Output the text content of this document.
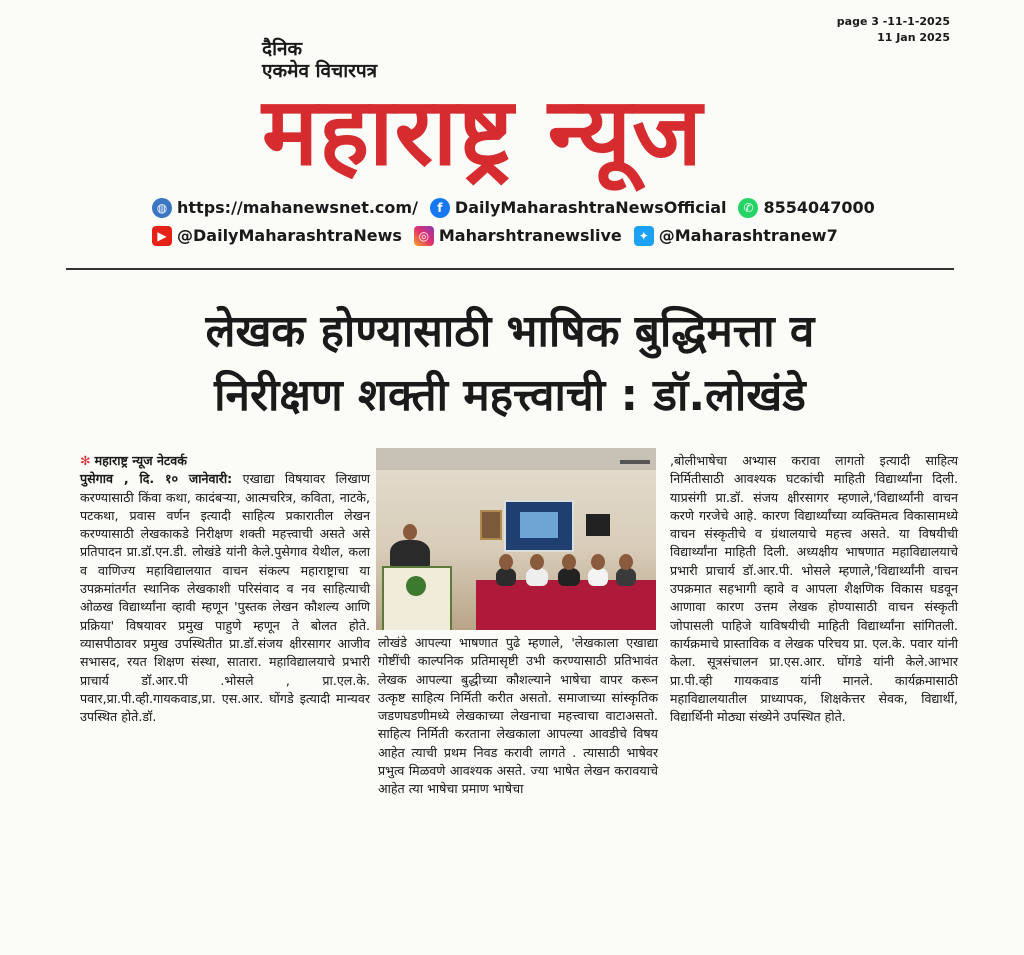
page 3 -11-1-2025
11 Jan 2025
दैनिक
एकमेव विचारपत्र
महाराष्ट्र न्यूज
◍ https://mahanewsnet.com/	f DailyMaharashtraNewsOfficial	✆ 8554047000
▶ @DailyMaharashtraNews	◎ Maharshtranewslive	✦ @Maharashtranew7
लेखक होण्यासाठी भाषिक बुद्धिमत्ता व
निरीक्षण शक्ती महत्त्वाची : डॉ.लोखंडे
✻ महाराष्ट्र न्यूज नेटवर्क

पुसेगाव , दि. १० जानेवारी: एखाद्या विषयावर लिखाण करण्यासाठी किंवा कथा, कादंबऱ्या, आत्मचरित्र, कविता, नाटके, पटकथा, प्रवास वर्णन इत्यादी साहित्य प्रकारातील लेखन करण्यासाठी लेखकाकडे निरीक्षण शक्ती महत्त्वाची असते असे प्रतिपादन प्रा.डॉ.एन.डी. लोखंडे यांनी केले.पुसेगाव येथील, कला व वाणिज्य महाविद्यालयात वाचन संकल्प महाराष्ट्राचा या उपक्रमांतर्गत स्थानिक लेखकाशी परिसंवाद व नव साहित्याची ओळख विद्यार्थ्यांना व्हावी म्हणून 'पुस्तक लेखन कौशल्य आणि प्रक्रिया' विषयावर प्रमुख पाहुणे म्हणून ते बोलत होते. व्यासपीठावर प्रमुख उपस्थितीत प्रा.डॉ.संजय क्षीरसागर आजीव सभासद, रयत शिक्षण संस्था, सातारा. महाविद्यालयाचे प्रभारी प्राचार्य डॉ.आर.पी .भोसले , प्रा.एल.के. पवार,प्रा.पी.व्ही.गायकवाड,प्रा. एस.आर. घोंगडे इत्यादी मान्यवर उपस्थित होते.डॉ.

लोखंडे आपल्या भाषणात पुढे म्हणाले, 'लेखकाला एखाद्या गोष्टींची काल्पनिक प्रतिमासृष्टी उभी करण्यासाठी प्रतिभावंत लेखक आपल्या बुद्धीच्या कौशल्याने भाषेचा वापर करून उत्कृष्ट साहित्य निर्मिती करीत असतो. समाजाच्या सांस्कृतिक जडणघडणीमध्ये लेखकाच्या लेखनाचा महत्त्वाचा वाटाअसतो. साहित्य निर्मिती करताना लेखकाला आपल्या आवडीचे विषय आहेत त्याची प्रथम निवड करावी लागते . त्यासाठी भाषेवर प्रभुत्व मिळवणे आवश्यक असते. ज्या भाषेत लेखन करावयाचे आहेत त्या भाषेचा प्रमाण भाषेचा

,बोलीभाषेचा अभ्यास करावा लागतो इत्यादी साहित्य निर्मितीसाठी आवश्यक घटकांची माहिती विद्यार्थ्यांना दिली. याप्रसंगी प्रा.डॉ. संजय क्षीरसागर म्हणाले,'विद्यार्थ्यांनी वाचन करणे गरजेचे आहे. कारण विद्यार्थ्यांच्या व्यक्तिमत्व विकासामध्ये वाचन संस्कृतीचे व ग्रंथालयाचे महत्त्व असते. या विषयीची विद्यार्थ्यांना माहिती दिली. अध्यक्षीय भाषणात महाविद्यालयाचे प्रभारी प्राचार्य डॉ.आर.पी. भोसले म्हणाले,'विद्यार्थ्यांनी वाचन उपक्रमात सहभागी व्हावे व आपला शैक्षणिक विकास घडवून आणावा कारण उत्तम लेखक होण्यासाठी वाचन संस्कृती जोपासली पाहिजे याविषयीची माहिती विद्यार्थ्यांना सांगितली. कार्यक्रमाचे प्रास्ताविक व लेखक परिचय प्रा. एल.के. पवार यांनी केला. सूत्रसंचालन प्रा.एस.आर. घोंगडे यांनी केले.आभार प्रा.पी.व्ही गायकवाड यांनी मानले. कार्यक्रमासाठी महाविद्यालयातील प्राध्यापक, शिक्षकेत्तर सेवक, विद्यार्थी, विद्यार्थिनी मोठ्या संख्येने उपस्थित होते.
